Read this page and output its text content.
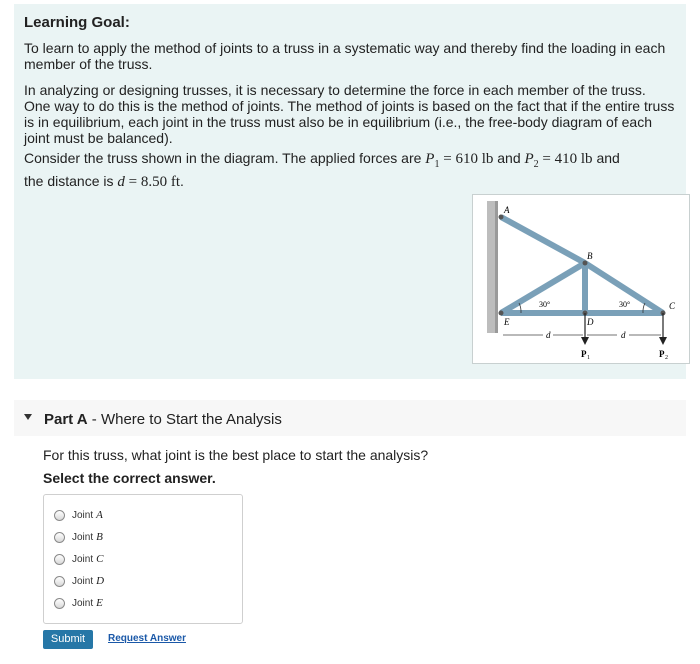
Learning Goal:

To learn to apply the method of joints to a truss in a systematic way and thereby find the loading in each member of the truss.

In analyzing or designing trusses, it is necessary to determine the force in each member of the truss. One way to do this is the method of joints. The method of joints is based on the fact that if the entire truss is in equilibrium, each joint in the truss must also be in equilibrium (i.e., the free-body diagram of each joint must be balanced).

Consider the truss shown in the diagram. The applied forces are $P_1 = 610$ lb and $P_2 = 410$ lb and
the distance is d = 8.50 ft.

A
B
C
D
E
30°	30°
d	d
P 1	P 2
Part A - Where to Start the Analysis
For this truss, what joint is the best place to start the analysis?
Select the correct answer.
Joint A
Joint B
Joint C
Joint D
Joint E
Submit	Request Answer
